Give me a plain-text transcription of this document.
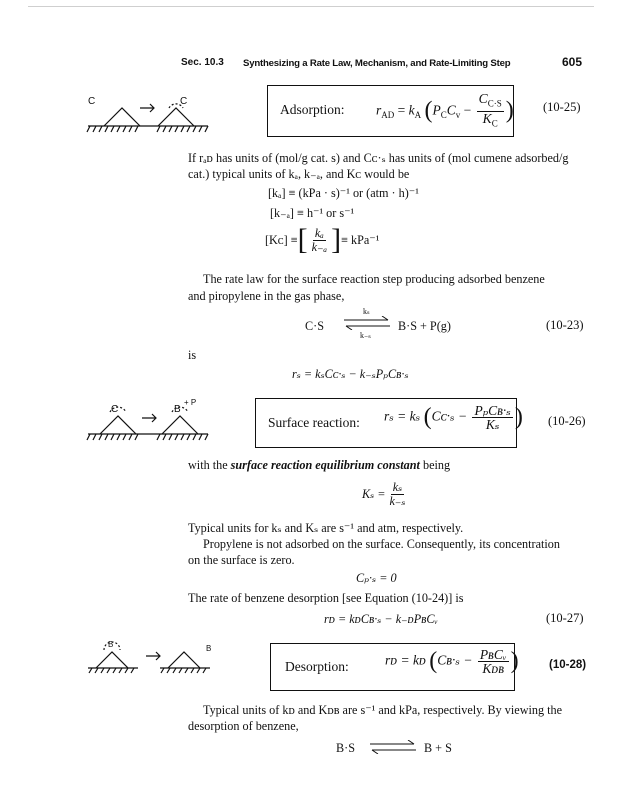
Sec. 10.3 Synthesizing a Rate Law, Mechanism, and Rate-Limiting Step	605
C	C
Adsorption: $r_{AD} = k_A$ ($P_CC_v - \frac{C_{C\cdot S}}{K_C}$ ) (10-25)
If rₐᴅ has units of (mol/g cat. s) and Cᴄ·ₛ has units of (mol cumene adsorbed/g
cat.) typical units of kₐ, k₋ₐ, and Kᴄ would be
[kₐ] ≡ (kPa · s)⁻¹ or (atm · h)⁻¹
[k₋ₐ] ≡ h⁻¹ or s⁻¹
[Kᴄ] ≡ [ $\frac{\text{kₐ}}{\text{k₋ₐ}}$ ] ≡ kPa⁻¹
The rate law for the surface reaction step producing adsorbed benzene
and piropylene in the gas phase,
C·S
kₛ
k₋ₛ
B·S + P(g)	(10-23)
is
rₛ = kₛCᴄ·ₛ − k₋ₛPₚCʙ·ₛ
C	B
+ P
Surface reaction: rₛ = kₛ (Cᴄ·ₛ − $\frac{\text{PₚCʙ·ₛ}}{\text{Kₛ}}$ ) (10-26)
with the surface reaction equilibrium constant being
$K_s = \frac{\text{kₛ}}{\text{k₋ₛ}}$
Typical units for kₛ and Kₛ are s⁻¹ and atm, respectively.
Propylene is not adsorbed on the surface. Consequently, its concentration
on the surface is zero.
Cₚ·ₛ = 0
The rate of benzene desorption [see Equation (10-24)] is
rᴅ = kᴅCʙ·ₛ − k₋ᴅPʙCᵥ	(10-27)
B	B
Desorption:	rᴅ = kᴅ (Cʙ·ₛ − $\frac{\text{PʙCᵥ}}{\text{Kᴅʙ}}$ )	(10-28)
Typical units of kᴅ and Kᴅʙ are s⁻¹ and kPa, respectively. By viewing the
desorption of benzene,
B·S ⇌ B + S
